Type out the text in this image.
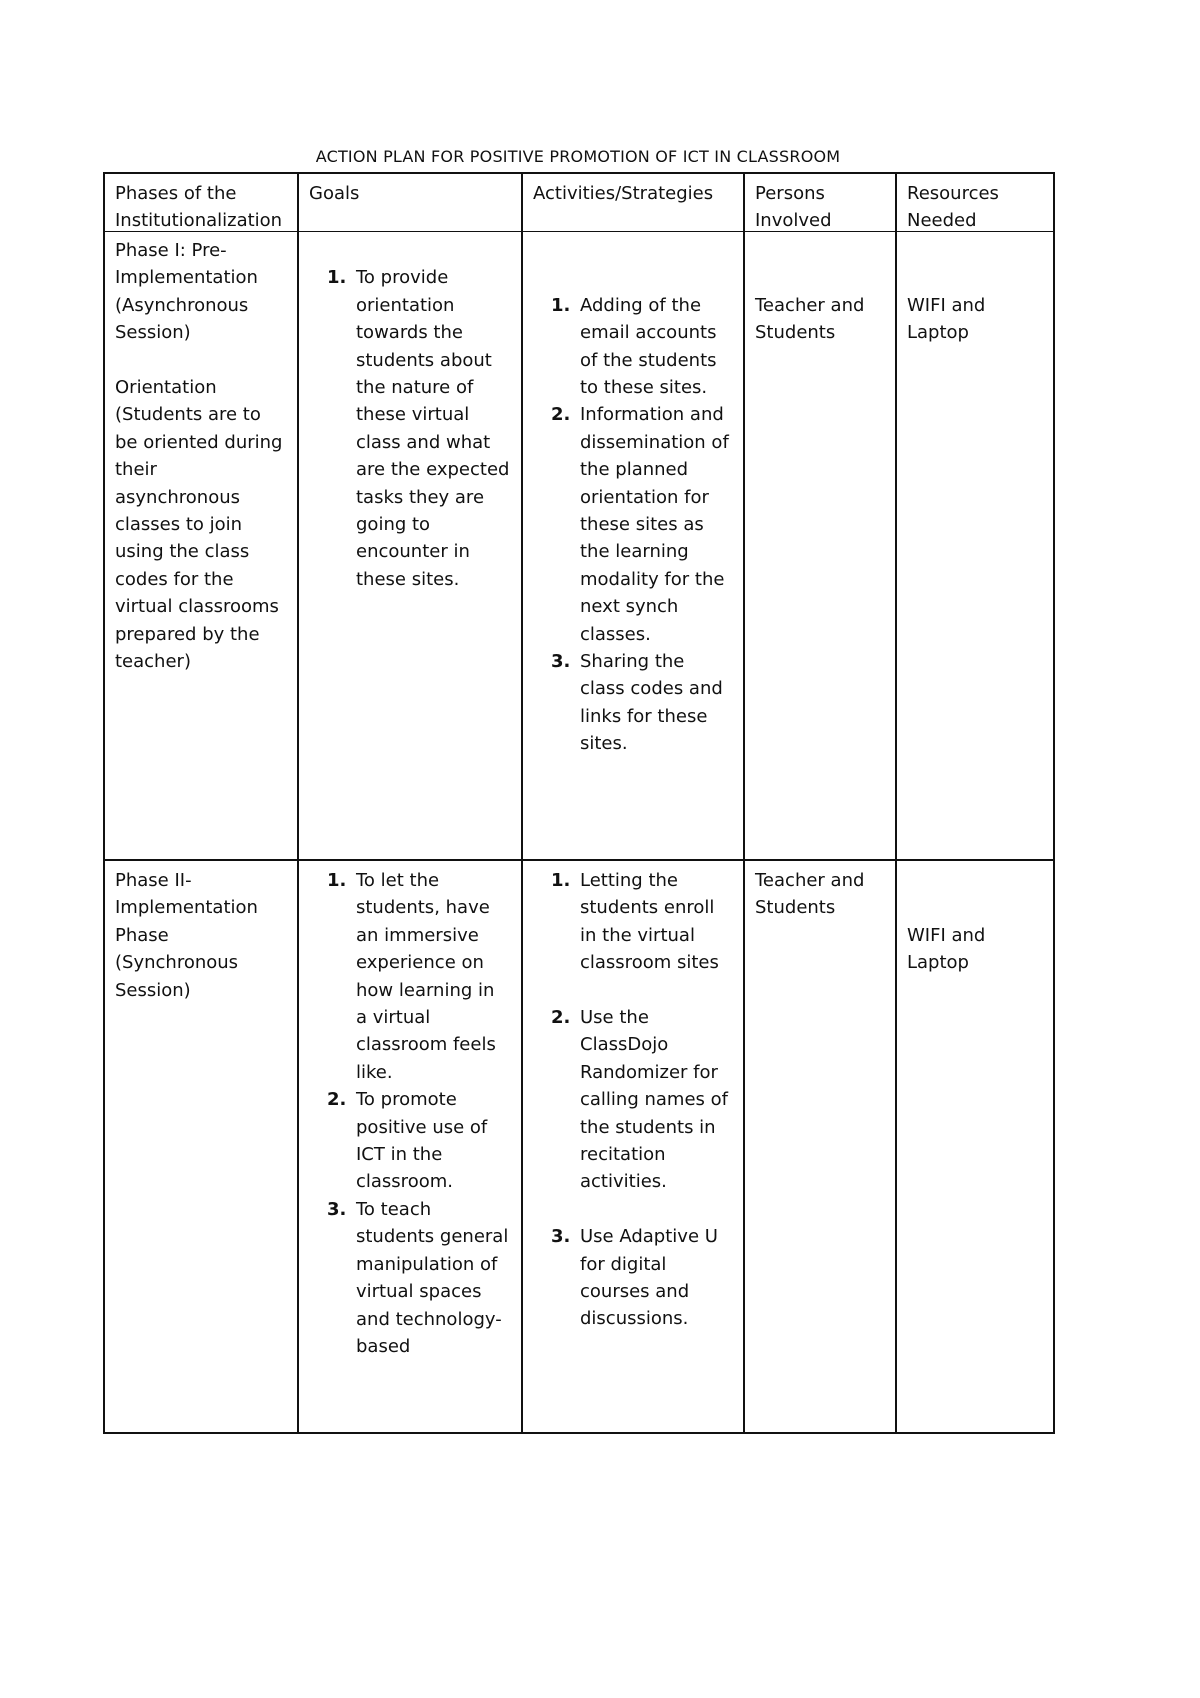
ACTION PLAN FOR POSITIVE PROMOTION OF ICT IN CLASSROOM
Phases of the Institutionalization
Goals	Activities/Strategies	Persons Involved
Resources Needed

Phase I: Pre-Implementation (Asynchronous Session)

Orientation

(Students are to be oriented during their asynchronous classes to join using the class codes for the virtual classrooms prepared by the teacher)

1. To provide orientation towards the students about the nature of these virtual class and what are the expected tasks they are going to encounter in these sites.
1. Adding of the email accounts of the students to these sites.
2. Information and dissemination of the planned orientation for these sites as the learning modality for the next synch classes.
3. Sharing the class codes and links for these sites.

Teacher and Students

WIFI and Laptop

Phase II-Implementation Phase (Synchronous Session)

1. To let the students, have an immersive experience on how learning in a virtual classroom feels like.
2. To promote positive use of ICT in the classroom.
3. To teach students general manipulation of virtual spaces and technology-based
1. Letting the students enroll in the virtual classroom sites
2. Use the ClassDojo Randomizer for calling names of the students in recitation activities.
3. Use Adaptive U for digital courses and discussions.

Teacher and Students

WIFI and Laptop
